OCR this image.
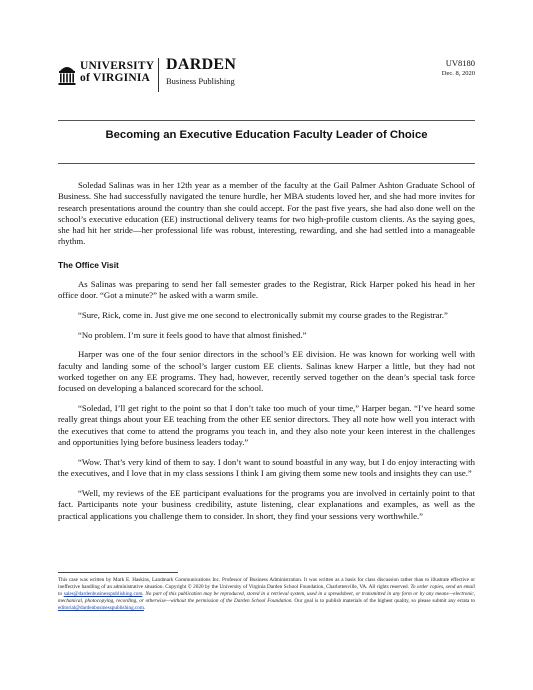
UNIVERSITY
of VIRGINIA
DARDEN
Business Publishing
UV8180
Dec. 8, 2020
Becoming an Executive Education Faculty Leader of Choice

Soledad Salinas was in her 12th year as a member of the faculty at the Gail Palmer Ashton Graduate School of Business. She had successfully navigated the tenure hurdle, her MBA students loved her, and she had more invites for research presentations around the country than she could accept. For the past five years, she had also done well on the school’s executive education (EE) instructional delivery teams for two high-profile custom clients. As the saying goes, she had hit her stride—her professional life was robust, interesting, rewarding, and she had settled into a manageable rhythm.

The Office Visit

As Salinas was preparing to send her fall semester grades to the Registrar, Rick Harper poked his head in her office door. “Got a minute?” he asked with a warm smile.

“Sure, Rick, come in. Just give me one second to electronically submit my course grades to the Registrar.”

“No problem. I’m sure it feels good to have that almost finished.”

Harper was one of the four senior directors in the school’s EE division. He was known for working well with faculty and landing some of the school’s larger custom EE clients. Salinas knew Harper a little, but they had not worked together on any EE programs. They had, however, recently served together on the dean’s special task force focused on developing a balanced scorecard for the school.

“Soledad, I’ll get right to the point so that I don’t take too much of your time,” Harper began. “I’ve heard some really great things about your EE teaching from the other EE senior directors. They all note how well you interact with the executives that come to attend the programs you teach in, and they also note your keen interest in the challenges and opportunities lying before business leaders today.”

“Wow. That’s very kind of them to say. I don’t want to sound boastful in any way, but I do enjoy interacting with the executives, and I love that in my class sessions I think I am giving them some new tools and insights they can use.”

“Well, my reviews of the EE participant evaluations for the programs you are involved in certainly point to that fact. Participants note your business credibility, astute listening, clear explanations and examples, as well as the practical applications you challenge them to consider. In short, they find your sessions very worthwhile.”

This case was written by Mark E. Haskins, Landmark Communications Inc. Professor of Business Administration. It was written as a basis for class discussion rather than to illustrate effective or ineffective handling of an administrative situation. Copyright © 2020 by the University of Virginia Darden School Foundation, Charlottesville, VA. All rights reserved. To order copies, send an email to sales@dardenbusinesspublishing.com. No part of this publication may be reproduced, stored in a retrieval system, used in a spreadsheet, or transmitted in any form or by any means—electronic, mechanical, photocopying, recording, or otherwise—without the permission of the Darden School Foundation. Our goal is to publish materials of the highest quality, so please submit any errata to editorial@dardenbusinesspublishing.com.
